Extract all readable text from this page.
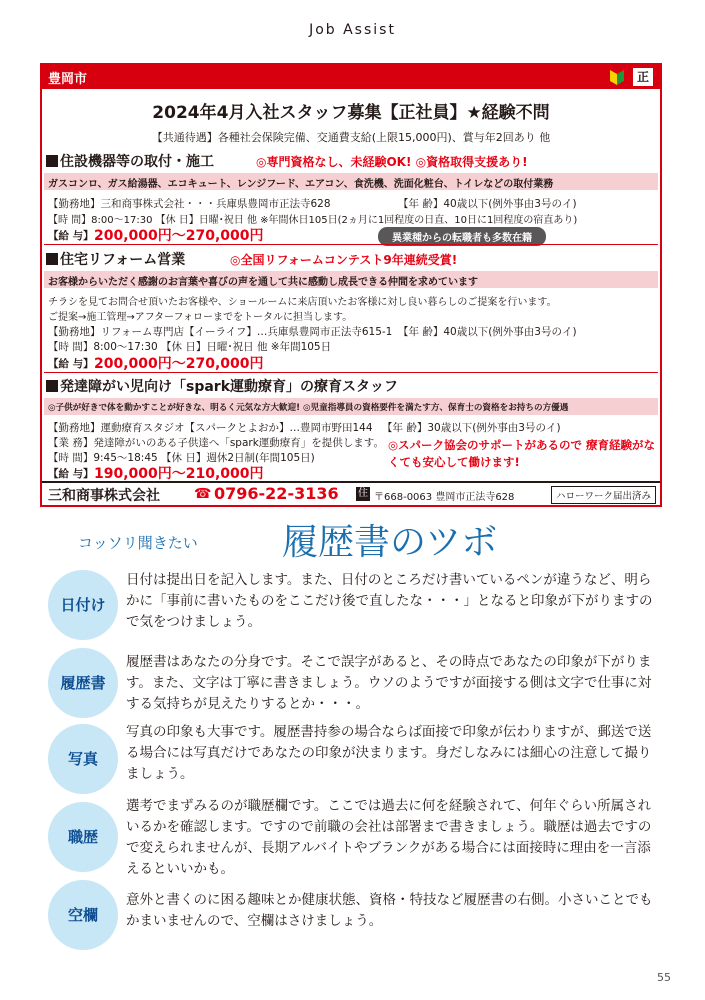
Job Assist
豊岡市	正
2024年4月入社スタッフ募集【正社員】★経験不問
【共通待遇】各種社会保険完備、交通費支給(上限15,000円)、賞与年2回あり 他
住設機器等の取付・施工	◎専門資格なし、未経験OK! ◎資格取得支援あり!
ガスコンロ、ガス給湯器、エコキュート、レンジフード、エアコン、食洗機、洗面化粧台、トイレなどの取付業務
【勤務地】三和商事株式会社・・・兵庫県豊岡市正法寺628	【年 齢】40歳以下(例外事由3号のイ)
【時 間】8:00〜17:30 【休 日】日曜･祝日 他 ※年間休日105日(2ヵ月に1回程度の日直、10日に1回程度の宿直あり)
【給 与】 200,000円〜270,000円	異業種からの転職者も多数在籍
住宅リフォーム営業	◎全国リフォームコンテスト9年連続受賞!
お客様からいただく感謝のお言葉や喜びの声を通して共に感動し成長できる仲間を求めています
チラシを見てお問合せ頂いたお客様や、ショールームに来店頂いたお客様に対し良い暮らしのご提案を行います。
ご提案→施工管理→アフターフォローまでをトータルに担当します。
【勤務地】リフォーム専門店【イーライフ】…兵庫県豊岡市正法寺615-1 【年 齢】40歳以下(例外事由3号のイ)
【時 間】8:00〜17:30 【休 日】日曜･祝日 他 ※年間105日
【給 与】 200,000円〜270,000円
発達障がい児向け「spark運動療育」の療育スタッフ
◎子供が好きで体を動かすことが好きな、明るく元気な方大歓迎! ◎児童指導員の資格要件を満たす方、保育士の資格をお持ちの方優遇
【勤務地】運動療育スタジオ【スパークとよおか】…豊岡市野田144 【年 齢】30歳以下(例外事由3号のイ)
【業 務】発達障がいのある子供達へ「spark運動療育」を提供します。
【時 間】9:45〜18:45 【休 日】週休2日制(年間105日)
◎スパーク協会のサポートがあるので 療育経験がなくても安心して働けます!
【給 与】 190,000円〜210,000円
三和商事株式会社 ☎ 0796-22-3136 住 〒668-0063 豊岡市正法寺628	ハローワーク届出済み
コッソリ聞きたい 履歴書のツボ
日付け
日付は提出日を記入します。また、日付のところだけ書いているペンが違うなど、明らかに「事前に書いたものをここだけ後で直したな・・・」となると印象が下がりますので気をつけましょう。
履歴書
履歴書はあなたの分身です。そこで誤字があると、その時点であなたの印象が下がります。また、文字は丁寧に書きましょう。ウソのようですが面接する側は文字で仕事に対する気持ちが見えたりするとか・・・。
写真
写真の印象も大事です。履歴書持参の場合ならば面接で印象が伝わりますが、郵送で送る場合には写真だけであなたの印象が決まります。身だしなみには細心の注意して撮りましょう。
職歴
選考でまずみるのが職歴欄です。ここでは過去に何を経験されて、何年ぐらい所属されいるかを確認します。ですので前職の会社は部署まで書きましょう。職歴は過去ですので変えられませんが、長期アルバイトやブランクがある場合には面接時に理由を一言添えるといいかも。
空欄
意外と書くのに困る趣味とか健康状態、資格・特技など履歴書の右側。小さいことでもかまいませんので、空欄はさけましょう。
55
